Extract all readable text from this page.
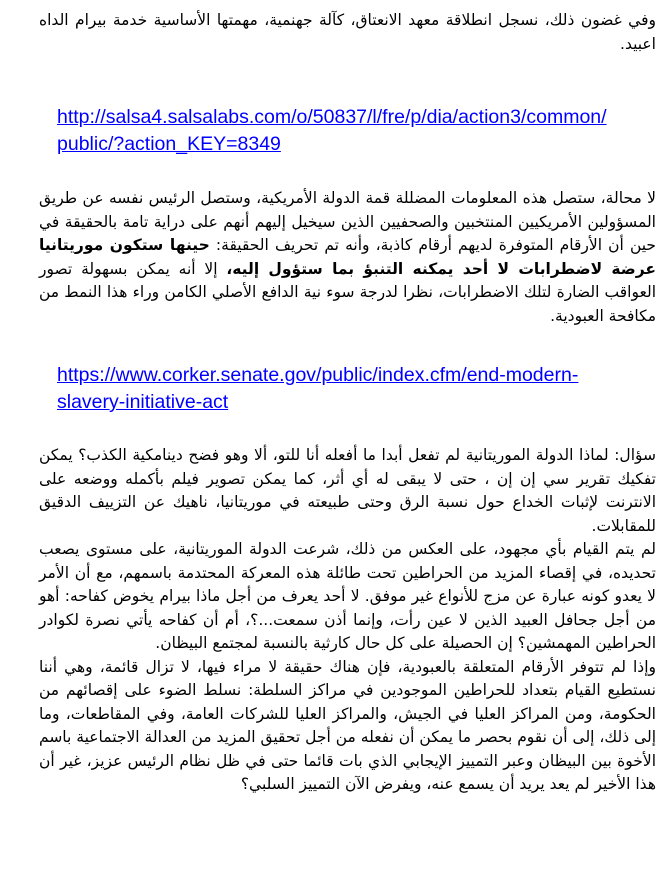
وفي غضون ذلك، نسجل انطلاقة معهد الانعتاق، كآلة جهنمية، مهمتها الأساسية خدمة بيرام الداه اعبيد.

http://salsa4.salsalabs.com/o/50837/l/fre/p/dia/action3/common/
public/?action_KEY=8349

لا محالة، ستصل هذه المعلومات المضللة قمة الدولة الأمريكية، وستصل الرئيس نفسه عن طريق المسؤولين الأمريكيين المنتخبين والصحفيين الذين سيخيل إليهم أنهم على دراية تامة بالحقيقة في حين أن الأرقام المتوفرة لديهم أرقام كاذبة، وأنه تم تحريف الحقيقة: حينها ستكون موريتانيا عرضة لاضطرابات لا أحد يمكنه التنبؤ بما ستؤول إليه، إلا أنه يمكن بسهولة تصور العواقب الضارة لتلك الاضطرابات، نظرا لدرجة سوء نية الدافع الأصلي الكامن وراء هذا النمط من مكافحة العبودية.

https://www.corker.senate.gov/public/index.cfm/end-modern-
slavery-initiative-act

سؤال: لماذا الدولة الموريتانية لم تفعل أبدا ما أفعله أنا للتو، ألا وهو فضح دينامكية الكذب؟ يمكن تفكيك تقرير سي إن إن ، حتى لا يبقى له أي أثر، كما يمكن تصوير فيلم بأكمله ووضعه على الانترنت لإثبات الخداع حول نسبة الرق وحتى طبيعته في موريتانيا، ناهيك عن التزييف الدقيق للمقابلات.

لم يتم القيام بأي مجهود، على العكس من ذلك، شرعت الدولة الموريتانية، على مستوى يصعب تحديده، في إقصاء المزيد من الحراطين تحت طائلة هذه المعركة المحتدمة باسمهم، مع أن الأمر لا يعدو كونه عبارة عن مزج للأنواع غير موفق. لا أحد يعرف من أجل ماذا بيرام يخوض كفاحه: أهو من أجل جحافل العبيد الذين لا عين رأت، وإنما أذن سمعت...؟، أم أن كفاحه يأتي نصرة لكوادر الحراطين المهمشين؟ إن الحصيلة على كل حال كارثية بالنسبة لمجتمع البيظان.

وإذا لم تتوفر الأرقام المتعلقة بالعبودية، فإن هناك حقيقة لا مراء فيها، لا تزال قائمة، وهي أننا نستطيع القيام بتعداد للحراطين الموجودين في مراكز السلطة: نسلط الضوء على إقصائهم من الحكومة، ومن المراكز العليا في الجيش، والمراكز العليا للشركات العامة، وفي المقاطعات، وما إلى ذلك، إلى أن نقوم بحصر ما يمكن أن نفعله من أجل تحقيق المزيد من العدالة الاجتماعية باسم الأخوة بين البيظان وعبر التمييز الإيجابي الذي بات قائما حتى في ظل نظام الرئيس عزيز، غير أن هذا الأخير لم يعد يريد أن يسمع عنه، ويفرض الآن التمييز السلبي؟
